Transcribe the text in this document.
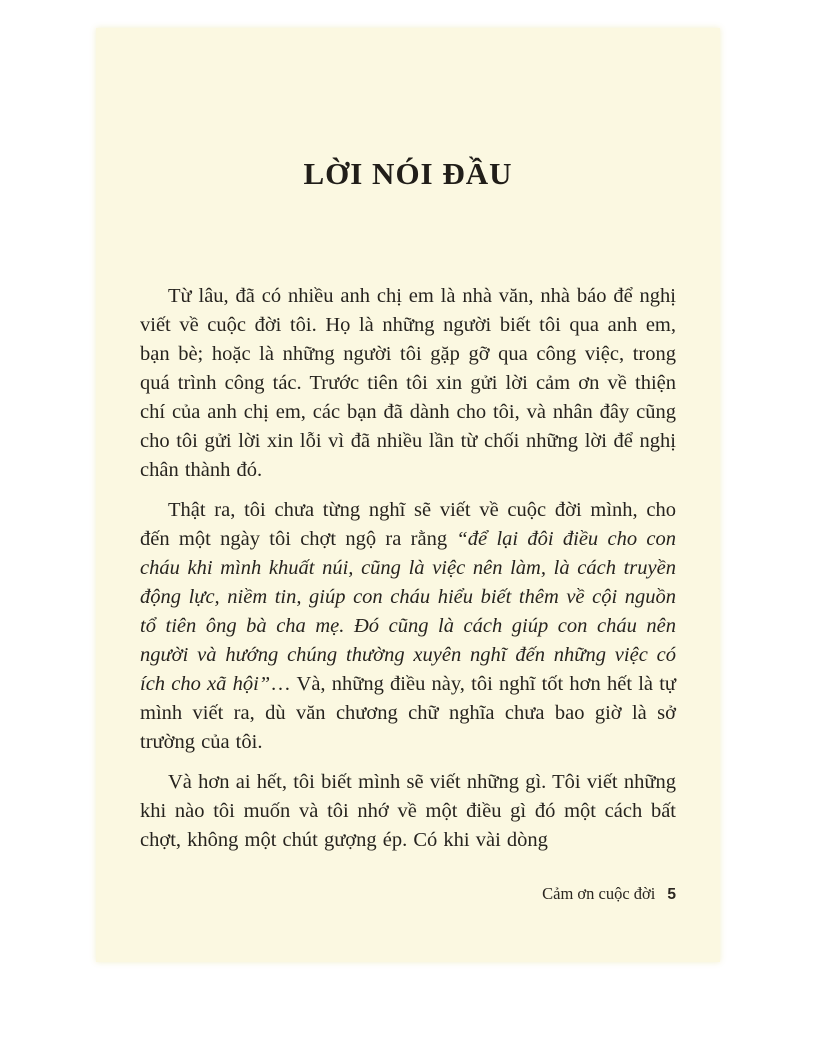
LỜI NÓI ĐẦU

Từ lâu, đã có nhiều anh chị em là nhà văn, nhà báo để nghị viết về cuộc đời tôi. Họ là những người biết tôi qua anh em, bạn bè; hoặc là những người tôi gặp gỡ qua công việc, trong quá trình công tác. Trước tiên tôi xin gửi lời cảm ơn về thiện chí của anh chị em, các bạn đã dành cho tôi, và nhân đây cũng cho tôi gửi lời xin lỗi vì đã nhiều lần từ chối những lời để nghị chân thành đó.

Thật ra, tôi chưa từng nghĩ sẽ viết về cuộc đời mình, cho đến một ngày tôi chợt ngộ ra rằng “để lại đôi điều cho con cháu khi mình khuất núi, cũng là việc nên làm, là cách truyền động lực, niềm tin, giúp con cháu hiểu biết thêm về cội nguồn tổ tiên ông bà cha mẹ. Đó cũng là cách giúp con cháu nên người và hướng chúng thường xuyên nghĩ đến những việc có ích cho xã hội”… Và, những điều này, tôi nghĩ tốt hơn hết là tự mình viết ra, dù văn chương chữ nghĩa chưa bao giờ là sở trường của tôi.

Và hơn ai hết, tôi biết mình sẽ viết những gì. Tôi viết những khi nào tôi muốn và tôi nhớ về một điều gì đó một cách bất chợt, không một chút gượng ép. Có khi vài dòng

Cảm ơn cuộc đời 5
